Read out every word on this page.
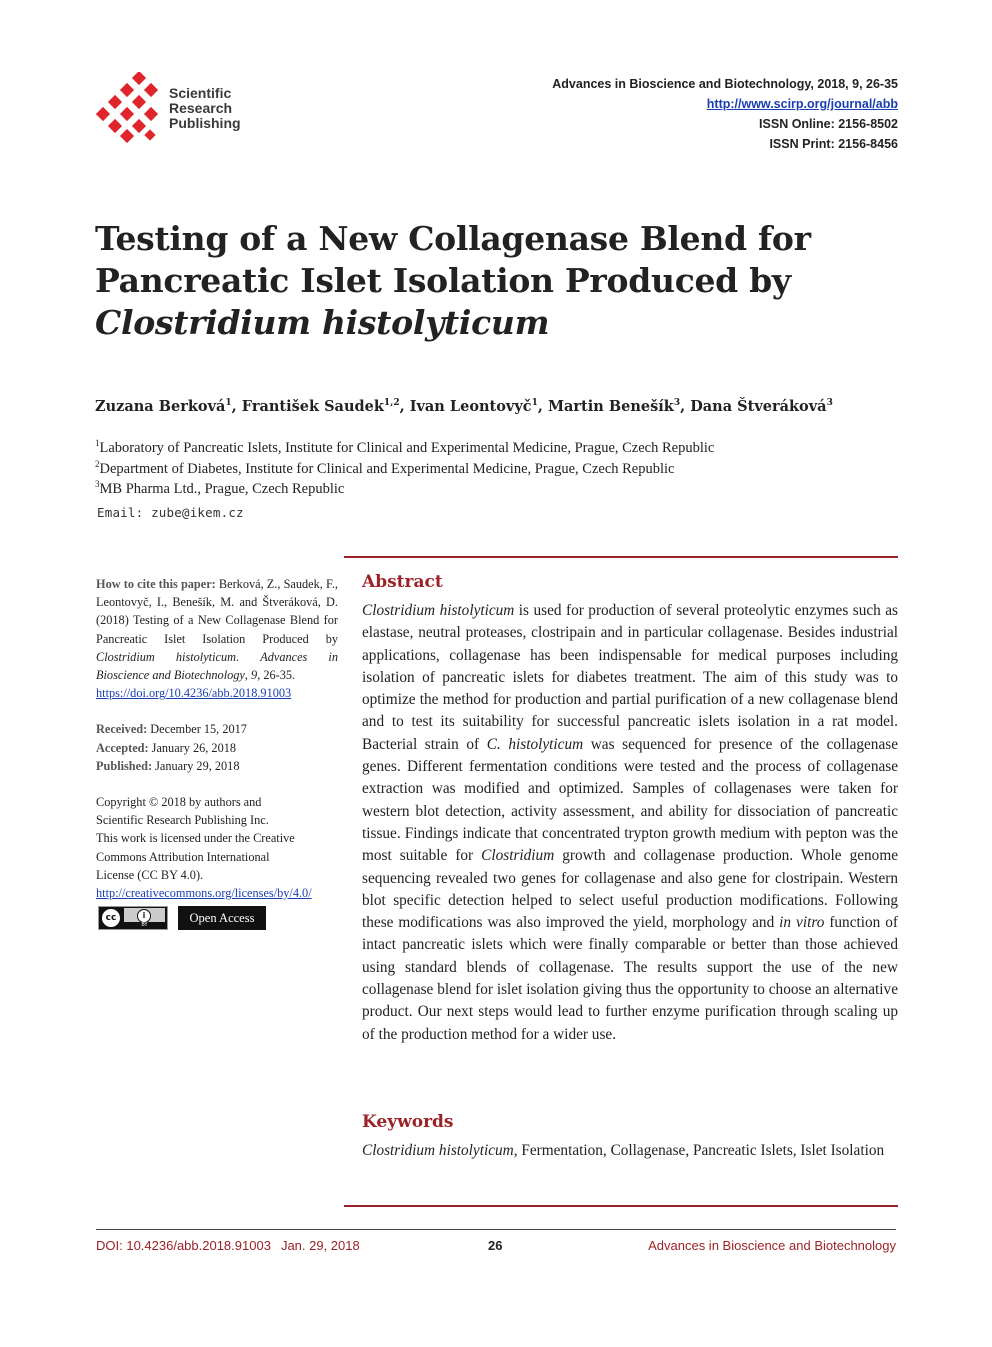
Scientific
Research
Publishing
Advances in Bioscience and Biotechnology, 2018, 9, 26-35
http://www.scirp.org/journal/abb
ISSN Online: 2156-8502
ISSN Print: 2156-8456
Testing of a New Collagenase Blend for
Pancreatic Islet Isolation Produced by
Clostridium histolyticum
Zuzana Berková$^1$, František Saudek$^{1,2}$, Ivan Leontovyč$^1$, Martin Benešík$^3$, Dana Štveráková$^3$
$^1$Laboratory of Pancreatic Islets, Institute for Clinical and Experimental Medicine, Prague, Czech Republic
$^2$Department of Diabetes, Institute for Clinical and Experimental Medicine, Prague, Czech Republic
$^3$MB Pharma Ltd., Prague, Czech Republic
Email: zube@ikem.cz
How to cite this paper: Berková, Z., Saudek, F., Leontovyč, I., Benešík, M. and Štveráková, D. (2018) Testing of a New Collagenase Blend for Pancreatic Islet Isolation Produced by Clostridium histolyticum. Advances in Bioscience and Biotechnology, 9, 26-35.
https://doi.org/10.4236/abb.2018.91003
Received: December 15, 2017
Accepted: January 26, 2018
Published: January 29, 2018
Copyright © 2018 by authors and
Scientific Research Publishing Inc.
This work is licensed under the Creative
Commons Attribution International
License (CC BY 4.0).
http://creativecommons.org/licenses/by/4.0/
cc	i
BY	Open Access
Abstract

Clostridium histolyticum is used for production of several proteolytic enzymes such as elastase, neutral proteases, clostripain and in particular collagenase. Besides industrial applications, collagenase has been indispensable for medical purposes including isolation of pancreatic islets for diabetes treatment. The aim of this study was to optimize the method for production and partial purification of a new collagenase blend and to test its suitability for successful pancreatic islets isolation in a rat model. Bacterial strain of C. histolyticum was sequenced for presence of the collagenase genes. Different fermentation conditions were tested and the process of collagenase extraction was modified and optimized. Samples of collagenases were taken for western blot detection, activity assessment, and ability for dissociation of pancreatic tissue. Findings indicate that concentrated trypton growth medium with pepton was the most suitable for Clostridium growth and collagenase production. Whole genome sequencing revealed two genes for collagenase and also gene for clostripain. Western blot specific detection helped to select useful production modifications. Following these modifications was also improved the yield, morphology and in vitro function of intact pancreatic islets which were finally comparable or better than those achieved using standard blends of collagenase. The results support the use of the new collagenase blend for islet isolation giving thus the opportunity to choose an alternative product. Our next steps would lead to further enzyme purification through scaling up of the production method for a wider use.

Keywords

Clostridium histolyticum, Fermentation, Collagenase, Pancreatic Islets, Islet Isolation

DOI: 10.4236/abb.2018.91003 Jan. 29, 2018	26	Advances in Bioscience and Biotechnology
